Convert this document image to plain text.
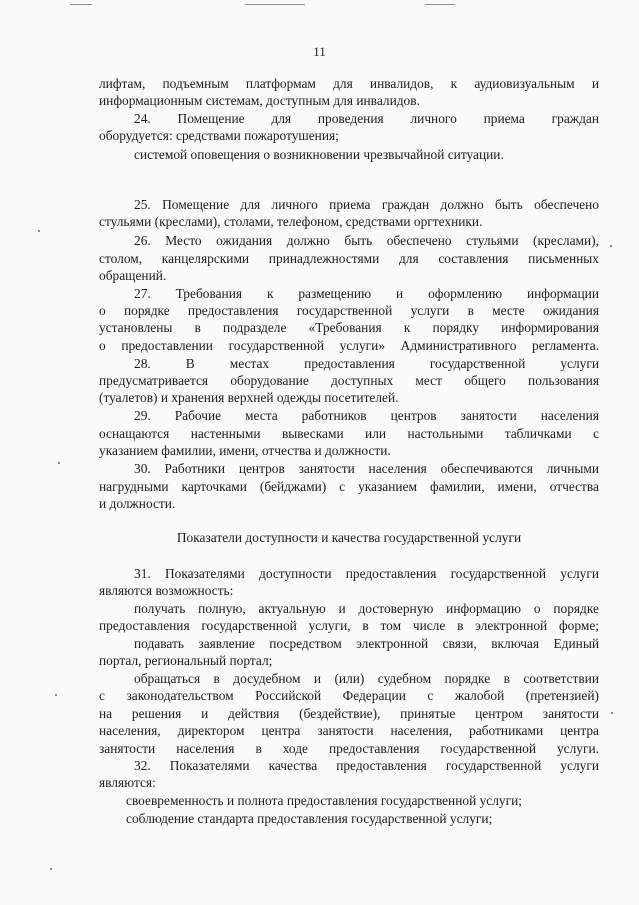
11
лифтам, подъемным платформам для инвалидов, к аудиовизуальным и
информационным системам, доступным для инвалидов.
24. Помещение для проведения личного приема граждан
оборудуется: средствами пожаротушения;
системой оповещения о возникновении чрезвычайной ситуации.
25. Помещение для личного приема граждан должно быть обеспечено
стульями (креслами), столами, телефоном, средствами оргтехники.
26. Место ожидания должно быть обеспечено стульями (креслами),
столом, канцелярскими принадлежностями для составления письменных
обращений.
27. Требования к размещению и оформлению информации
о порядке предоставления государственной услуги в месте ожидания
установлены в подразделе «Требования к порядку информирования
о предоставлении государственной услуги» Административного регламента.
28. В местах предоставления государственной услуги
предусматривается оборудование доступных мест общего пользования
(туалетов) и хранения верхней одежды посетителей.
29. Рабочие места работников центров занятости населения
оснащаются настенными вывесками или настольными табличками с
указанием фамилии, имени, отчества и должности.
30. Работники центров занятости населения обеспечиваются личными
нагрудными карточками (бейджами) с указанием фамилии, имени, отчества
и должности.
Показатели доступности и качества государственной услуги
31. Показателями доступности предоставления государственной услуги
являются возможность:
получать полную, актуальную и достоверную информацию о порядке
предоставления государственной услуги, в том числе в электронной форме;
подавать заявление посредством электронной связи, включая Единый
портал, региональный портал;
обращаться в досудебном и (или) судебном порядке в соответствии
с законодательством Российской Федерации с жалобой (претензией)
на решения и действия (бездействие), принятые центром занятости
населения, директором центра занятости населения, работниками центра
занятости населения в ходе предоставления государственной услуги.
32. Показателями качества предоставления государственной услуги
являются:
своевременность и полнота предоставления государственной услуги;
соблюдение стандарта предоставления государственной услуги;
